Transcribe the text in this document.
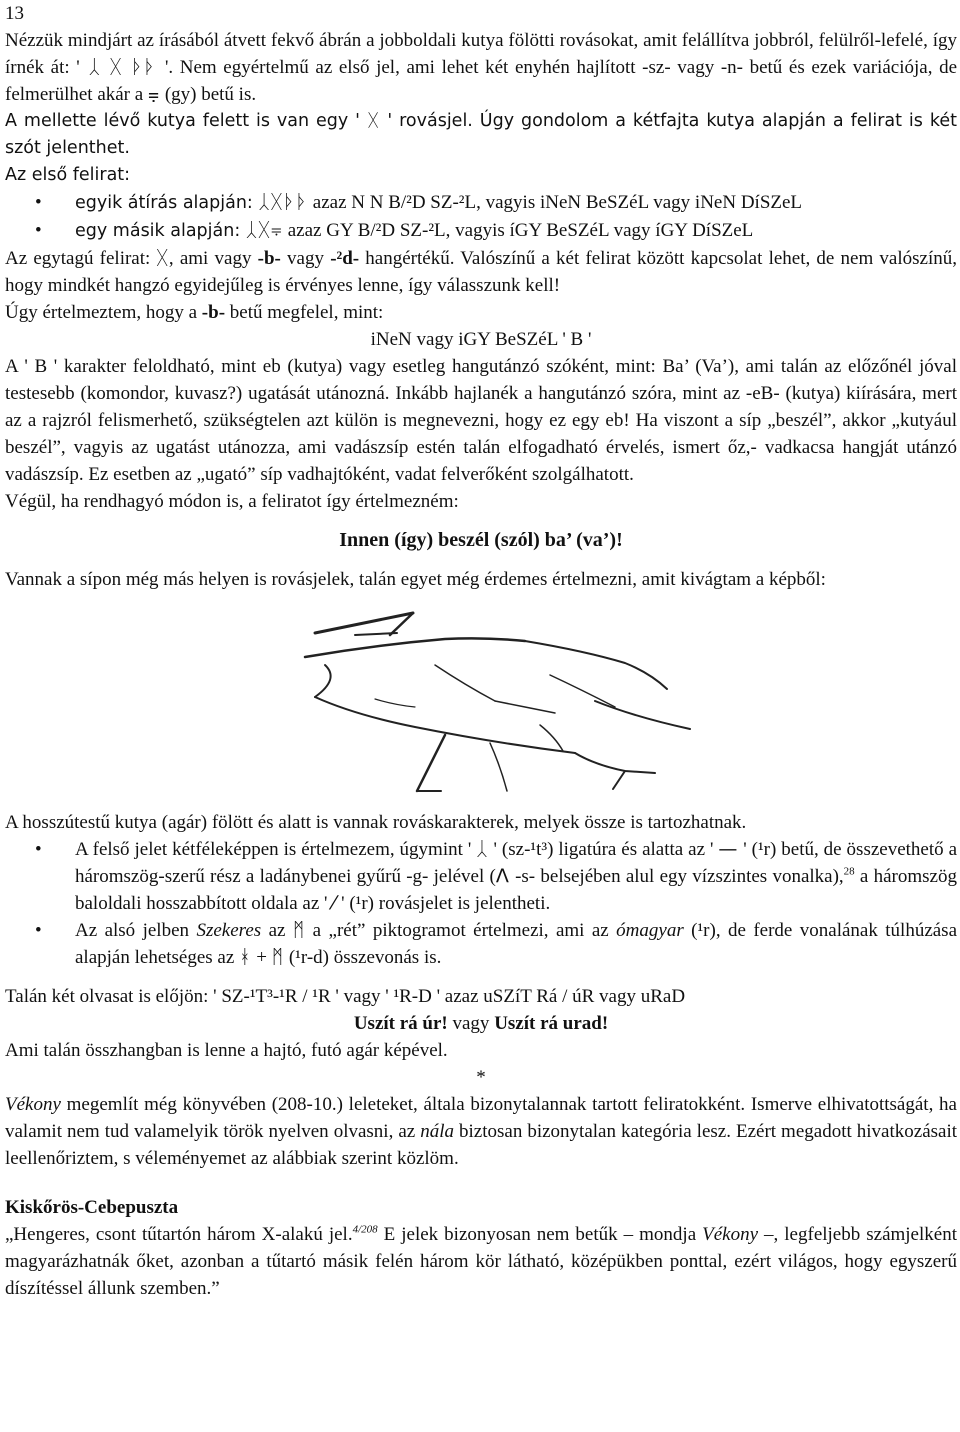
13

Nézzük mindjárt az írásából átvett fekvő ábrán a jobboldali kutya fölötti rovásokat, amit felállítva jobbról, felülről-lefelé, így írnék át: ' ᛸ ᚷ ᚦᚦ '. Nem egyértelmű az első jel, ami lehet két enyhén hajlított -sz- vagy -n- betű és ezek variációja, de felmerülhet akár a ⩦ (gy) betű is.

A mellette lévő kutya felett is van egy ' ᚷ ' rovásjel. Úgy gondolom a kétfajta kutya alapján a felirat is két szót jelenthet.

Az első felirat:

• egyik átírás alapján: ᛸᚷᚦᚦ azaz N N B/²D SZ-²L, vagyis iNeN BeSZéL vagy iNeN DíSZeL
• egy másik alapján: ᛸᚷ⩦ azaz GY B/²D SZ-²L, vagyis íGY BeSZéL vagy íGY DíSZeL

Az egytagú felirat: ᚷ, ami vagy -b- vagy -²d- hangértékű. Valószínű a két felirat között kapcsolat lehet, de nem valószínű, hogy mindkét hangzó egyidejűleg is érvényes lenne, így válasszunk kell!

Úgy értelmeztem, hogy a -b- betű megfelel, mint:

iNeN vagy iGY BeSZéL ' B '

A ' B ' karakter feloldható, mint eb (kutya) vagy esetleg hangutánzó szóként, mint: Ba’ (Va’), ami talán az előzőnél jóval testesebb (komondor, kuvasz?) ugatását utánozná. Inkább hajlanék a hangutánzó szóra, mint az -eB- (kutya) kiírására, mert az a rajzról felismerhető, szükségtelen azt külön is megnevezni, hogy ez egy eb! Ha viszont a síp „beszél”, akkor „kutyául beszél”, vagyis az ugatást utánozza, ami vadászsíp estén talán elfogadható érvelés, ismert őz,- vadkacsa hangját utánzó vadászsíp. Ez esetben az „ugató” síp vadhajtóként, vadat felverőként szolgálhatott.

Végül, ha rendhagyó módon is, a feliratot így értelmezném:

Innen (így) beszél (szól) ba’ (va’)!

Vannak a sípon még más helyen is rovásjelek, talán egyet még érdemes értelmezni, amit kivágtam a képből:

A hosszútestű kutya (agár) fölött és alatt is vannak rováskarakterek, melyek össze is tartozhatnak.

• A felső jelet kétféleképpen is értelmezem, úgymint ' ᛸ ' (sz-¹t³) ligatúra és alatta az ' — ' (¹r) betű, de összevethető a háromszög-szerű rész a ladánybenei gyűrű -g- jelével (Λ -s- belsejében alul egy vízszintes vonalka),$^{28}$ a háromszög baloldali hosszabbított oldala az ' ⁄ ' (¹r) rovásjelet is jelentheti.
• Az alsó jelben Szekeres az ᛗ a „rét” piktogramot értelmezi, ami az ómagyar (¹r), de ferde vonalának túlhúzása alapján lehetséges az ᚼ + ᛗ (¹r-d) összevonás is.

Talán két olvasat is előjön: ' SZ-¹T³-¹R / ¹R ' vagy ' ¹R-D ' azaz uSZíT Rá / úR vagy uRaD

Uszít rá úr! vagy Uszít rá urad!

Ami talán összhangban is lenne a hajtó, futó agár képével.

*

Vékony megemlít még könyvében (208-10.) leleteket, általa bizonytalannak tartott feliratokként. Ismerve elhivatottságát, ha valamit nem tud valamelyik török nyelven olvasni, az nála biztosan bizonytalan kategória lesz. Ezért megadott hivatkozásait leellenőriztem, s véleményemet az alábbiak szerint közlöm.

Kiskőrös-Cebepuszta

„Hengeres, csont tűtartón három X-alakú jel.$^{4/208}$ E jelek bizonyosan nem betűk – mondja Vékony –, legfeljebb számjelként magyarázhatnák őket, azonban a tűtartó másik felén három kör látható, középükben ponttal, ezért világos, hogy egyszerű díszítéssel állunk szemben.”
